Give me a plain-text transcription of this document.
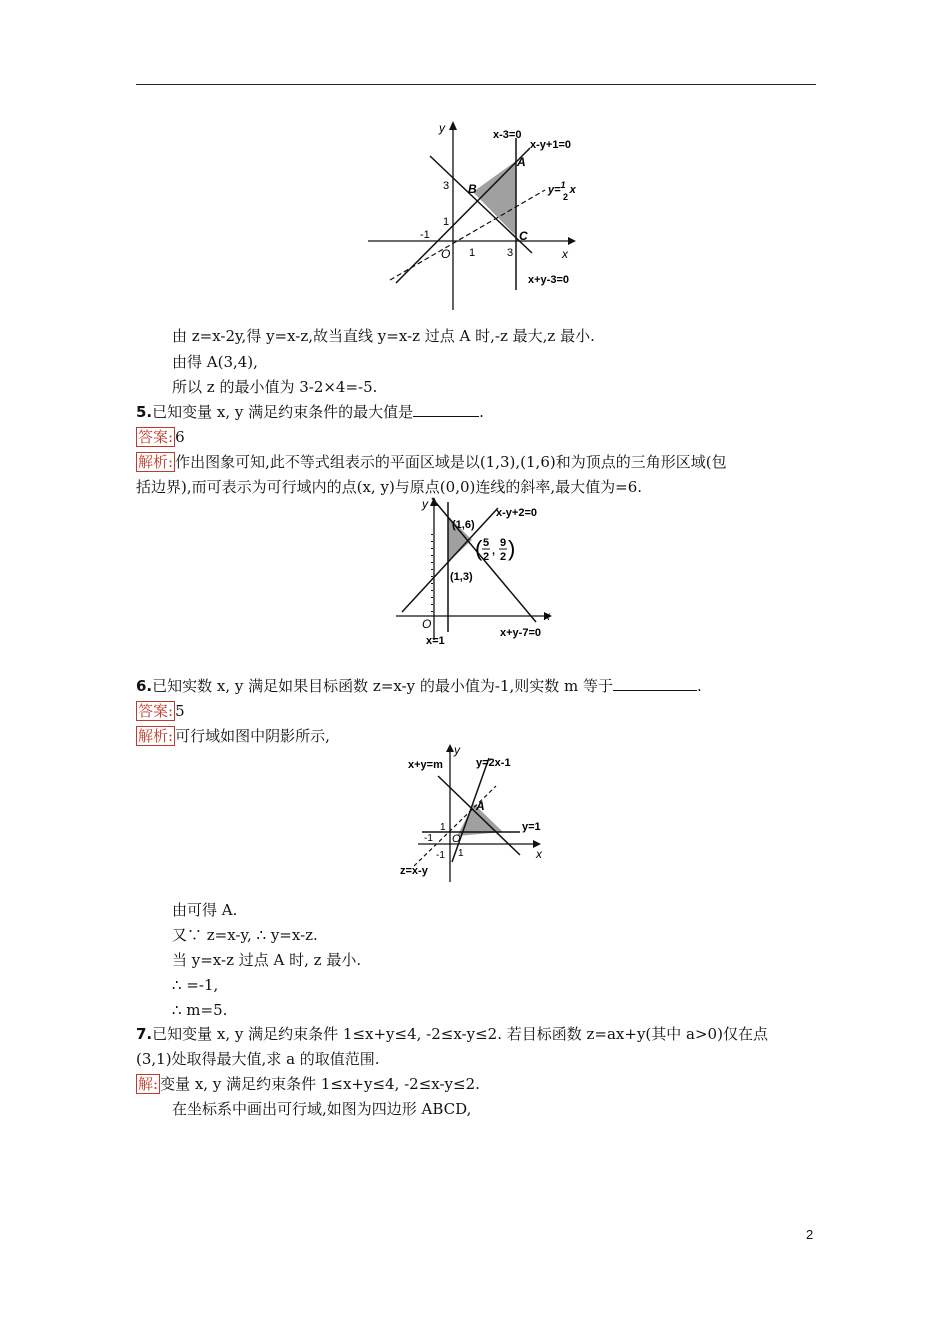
x
y
O
-1
1	3
1
3
x-3=0
x-y+1=0
x+y-3=0
y=$^1$ x
2
A
B
C
由 z=x-2y,得 y=x-z,故当直线 y=x-z 过点 A 时,-z 最大,z 最小.
由得 A(3,4),
所以 z 的最小值为 3-2×4=-5.
5.已知变量 x, y 满足约束条件的最大值是	.
答案: 6
解析: 作出图象可知,此不等式组表示的平面区域是以(1,3),(1,6)和为顶点的三角形区域(包
括边界),而可表示为可行域内的点(x, y)与原点(0,0)连线的斜率,最大值为=6.
x
y
O
(1,6)
(1,3)
x-y+2=0
x+y-7=0
x=1
( 5
2 ,
9
2 )
6.已知实数 x, y 满足如果目标函数 z=x-y 的最小值为-1,则实数 m 等于	.
答案: 5
解析: 可行域如图中阴影所示,
x
y
O
x+y=m	y=2x-1
y=1
z=x-y
A
1
1
-1
-1
由可得 A.
又∵ z=x-y, ∴ y=x-z.
当 y=x-z 过点 A 时, z 最小.
∴ =-1,
∴ m=5.
7.已知变量 x, y 满足约束条件 1≤x+y≤4, -2≤x-y≤2. 若目标函数 z=ax+y(其中 a>0)仅在点
(3,1)处取得最大值,求 a 的取值范围.
解: 变量 x, y 满足约束条件 1≤x+y≤4, -2≤x-y≤2.
在坐标系中画出可行域,如图为四边形 ABCD,
2
